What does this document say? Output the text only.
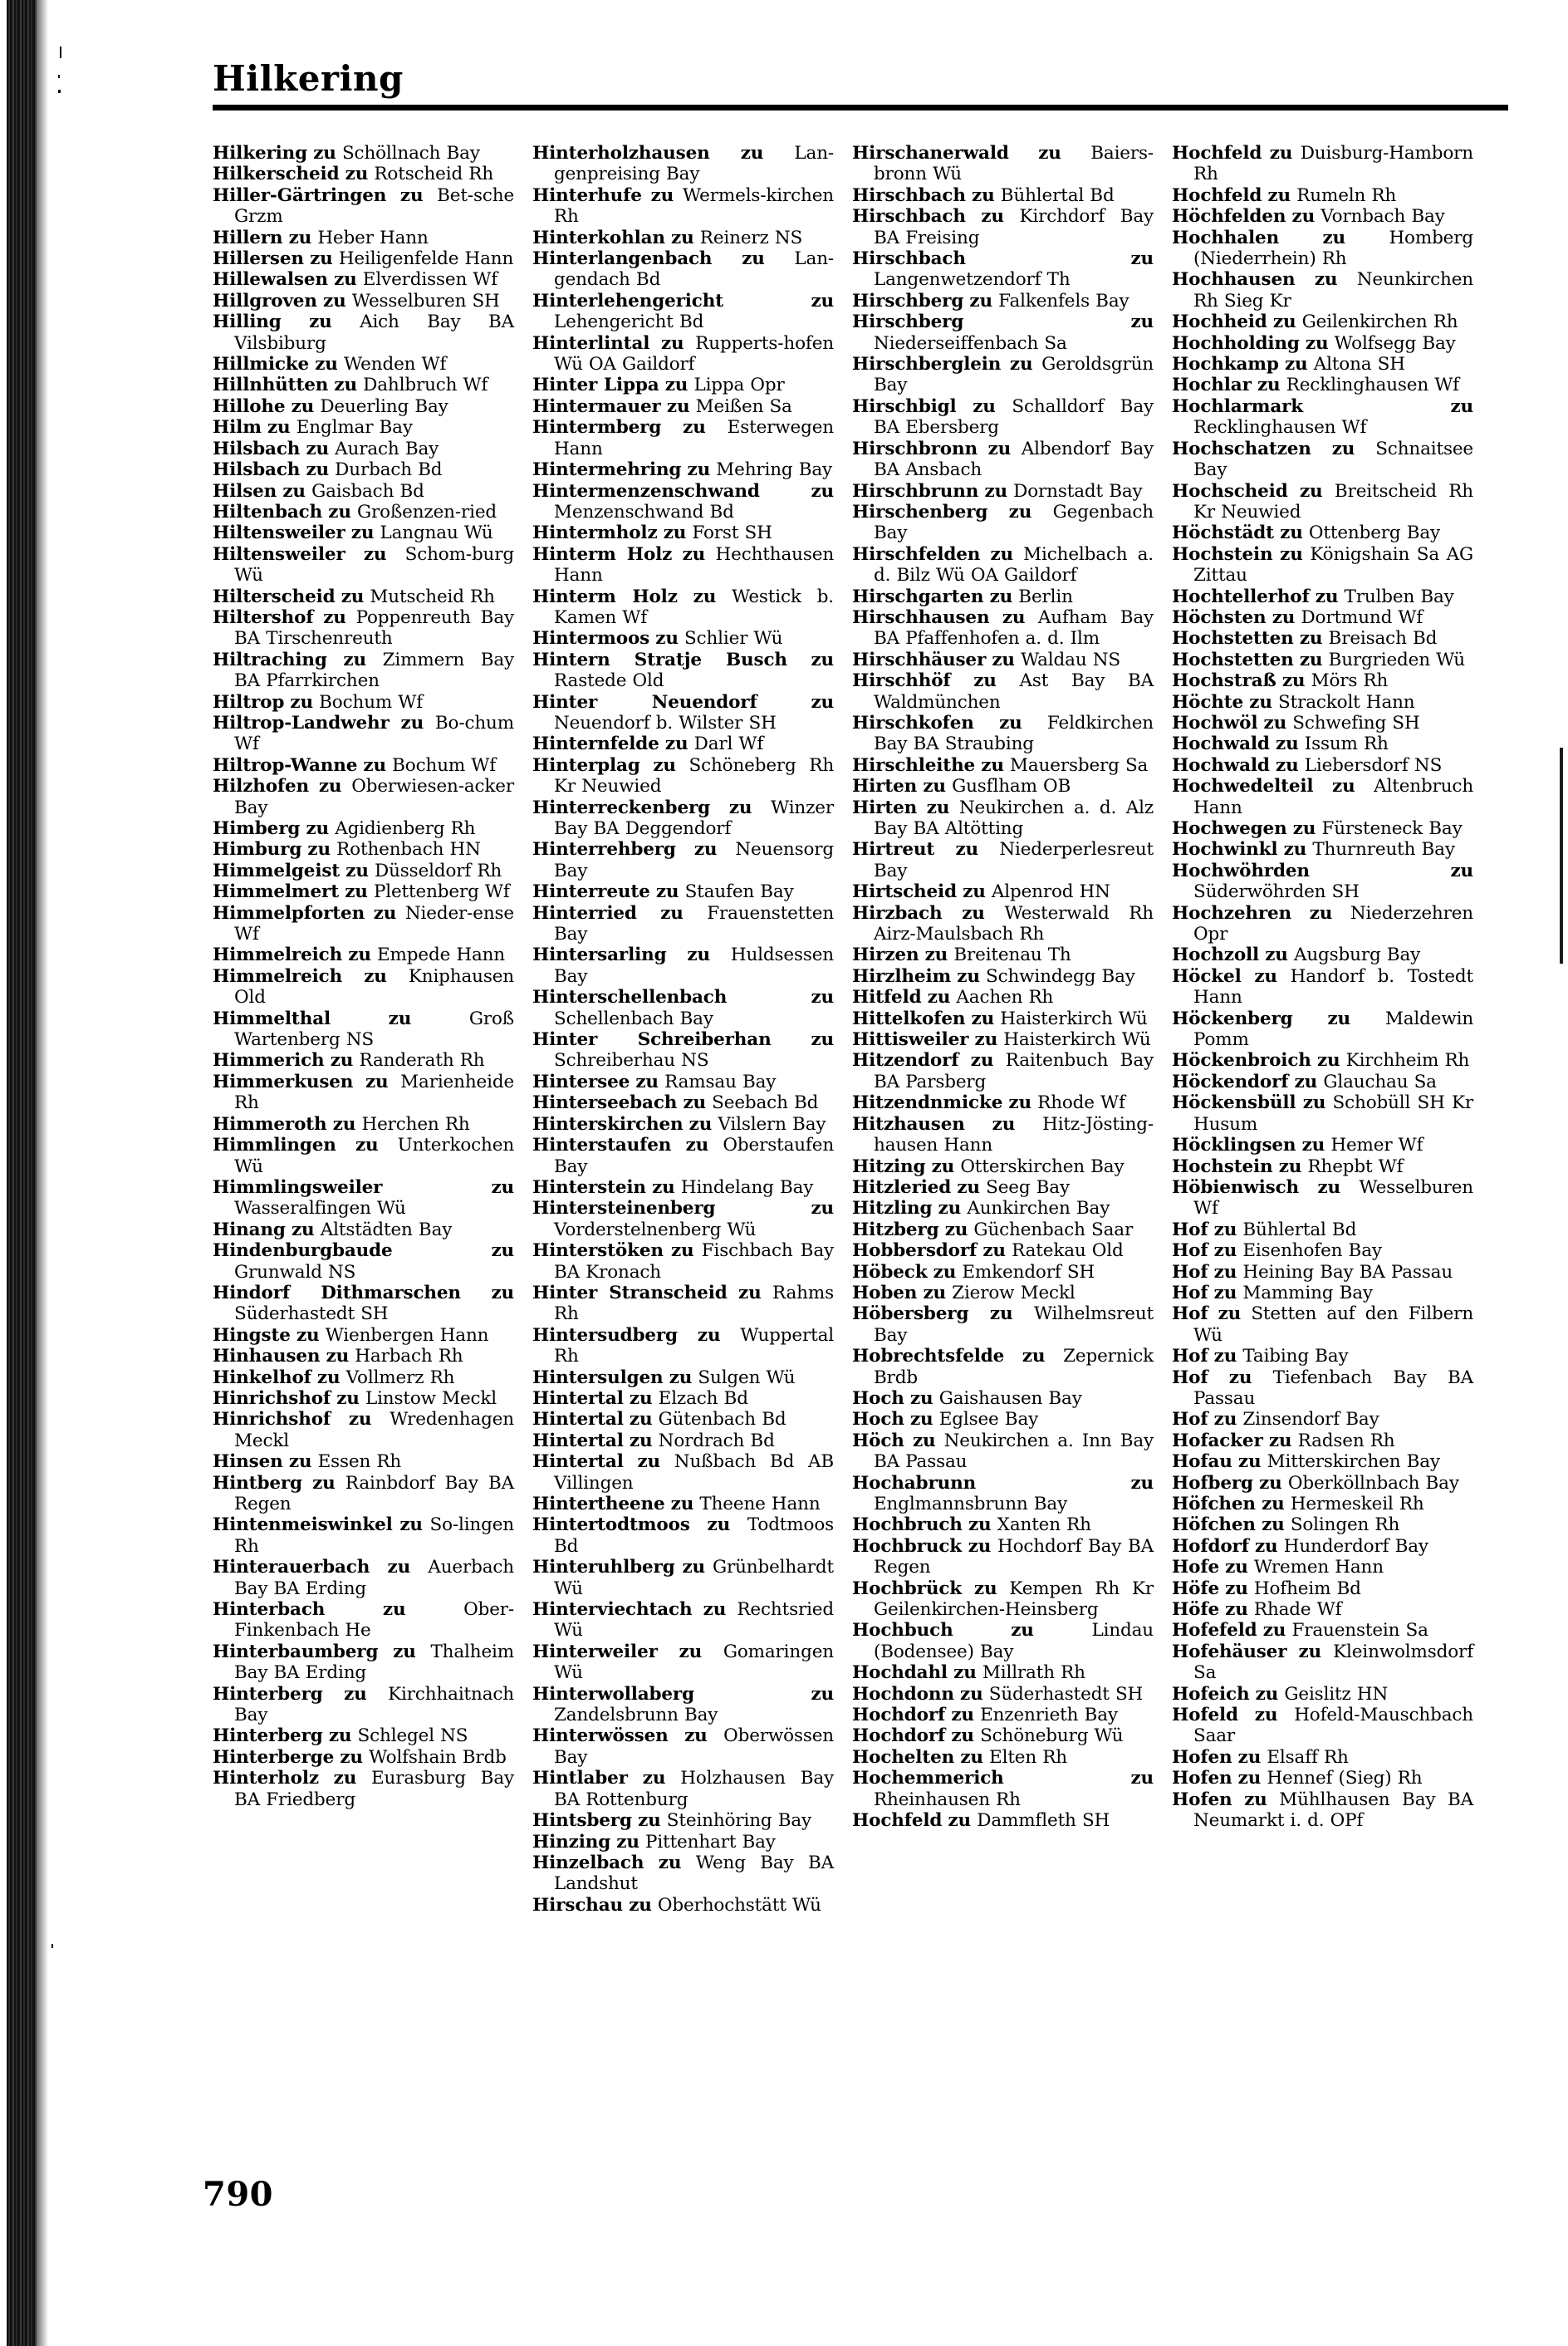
Hilkering

Hilkering zu Schöllnach Bay

Hilkerscheid zu Rotscheid Rh

Hiller-Gärtringen zu Bet-sche Grzm

Hillern zu Heber Hann

Hillersen zu Heiligenfelde Hann

Hillewalsen zu Elverdissen Wf

Hillgroven zu Wesselburen SH

Hilling zu Aich Bay BA Vilsbiburg

Hillmicke zu Wenden Wf

Hillnhütten zu Dahlbruch Wf

Hillohe zu Deuerling Bay

Hilm zu Englmar Bay

Hilsbach zu Aurach Bay

Hilsbach zu Durbach Bd

Hilsen zu Gaisbach Bd

Hiltenbach zu Großenzen-ried

Hiltensweiler zu Langnau Wü

Hiltensweiler zu Schom-burg Wü

Hilterscheid zu Mutscheid Rh

Hiltershof zu Poppenreuth Bay BA Tirschenreuth

Hiltraching zu Zimmern Bay BA Pfarrkirchen

Hiltrop zu Bochum Wf

Hiltrop-Landwehr zu Bo-chum Wf

Hiltrop-Wanne zu Bochum Wf

Hilzhofen zu Oberwiesen-acker Bay

Himberg zu Agidienberg Rh

Himburg zu Rothenbach HN

Himmelgeist zu Düsseldorf Rh

Himmelmert zu Plettenberg Wf

Himmelpforten zu Nieder-ense Wf

Himmelreich zu Empede Hann

Himmelreich zu Kniphausen Old

Himmelthal	zu	Groß Wartenberg NS

Himmerich zu Randerath Rh

Himmerkusen zu Marienheide Rh

Himmeroth zu Herchen Rh

Himmlingen zu Unterkochen Wü

Himmlingsweiler	zu Wasseralfingen Wü

Hinang zu Altstädten Bay

Hindenburgbaude	zu Grunwald NS

Hindorf Dithmarschen zu Süderhastedt SH

Hingste zu Wienbergen Hann

Hinhausen zu Harbach Rh

Hinkelhof zu Vollmerz Rh

Hinrichshof zu Linstow Meckl

Hinrichshof zu Wredenhagen Meckl

Hinsen zu Essen Rh

Hintberg zu Rainbdorf Bay BA Regen

Hintenmeiswinkel zu So-lingen Rh

Hinterauerbach zu Auerbach Bay BA Erding

Hinterbach	zu	Ober-Finkenbach He

Hinterbaumberg zu Thalheim Bay BA Erding

Hinterberg zu Kirchhaitnach Bay

Hinterberg zu Schlegel NS

Hinterberge zu Wolfshain Brdb

Hinterholz zu Eurasburg Bay BA Friedberg

Hinterholzhausen zu Lan-genpreising Bay

Hinterhufe zu Wermels-kirchen Rh

Hinterkohlan zu Reinerz NS

Hinterlangenbach zu Lan-gendach Bd

Hinterlehengericht	zu Lehengericht Bd

Hinterlintal zu Rupperts-hofen Wü OA Gaildorf

Hinter Lippa zu Lippa Opr

Hintermauer zu Meißen Sa

Hintermberg zu Esterwegen Hann

Hintermehring zu Mehring Bay

Hintermenzenschwand	zu Menzenschwand Bd

Hintermholz zu Forst SH

Hinterm Holz zu Hechthausen Hann

Hinterm Holz zu Westick b. Kamen Wf

Hintermoos zu Schlier Wü

Hintern Stratje Busch zu Rastede Old

Hinter Neuendorf	zu Neuendorf b. Wilster SH

Hinternfelde zu Darl Wf

Hinterplag zu Schöneberg Rh Kr Neuwied

Hinterreckenberg zu Winzer Bay BA Deggendorf

Hinterrehberg zu Neuensorg Bay

Hinterreute zu Staufen Bay

Hinterried zu Frauenstetten Bay

Hintersarling zu Huldsessen Bay

Hinterschellenbach	zu Schellenbach Bay

Hinter Schreiberhan zu Schreiberhau NS

Hintersee zu Ramsau Bay

Hinterseebach zu Seebach Bd

Hinterskirchen zu Vilslern Bay

Hinterstaufen zu Oberstaufen Bay

Hinterstein zu Hindelang Bay

Hintersteinenberg	zu Vorderstelnenberg Wü

Hinterstöken zu Fischbach Bay BA Kronach

Hinter Stranscheid zu Rahms Rh

Hintersudberg zu Wuppertal Rh

Hintersulgen zu Sulgen Wü

Hintertal zu Elzach Bd

Hintertal zu Gütenbach Bd

Hintertal zu Nordrach Bd

Hintertal zu Nußbach Bd AB Villingen

Hintertheene zu Theene Hann

Hintertodtmoos zu Todtmoos Bd

Hinteruhlberg zu Grünbelhardt Wü

Hinterviechtach zu Rechtsried Wü

Hinterweiler zu Gomaringen Wü

Hinterwollaberg	zu Zandelsbrunn Bay

Hinterwössen zu Oberwössen Bay

Hintlaber zu Holzhausen Bay BA Rottenburg

Hintsberg zu Steinhöring Bay

Hinzing zu Pittenhart Bay

Hinzelbach zu Weng Bay BA Landshut

Hirschau zu Oberhochstätt Wü

Hirschanerwald zu Baiers-bronn Wü

Hirschbach zu Bühlertal Bd

Hirschbach zu Kirchdorf Bay BA Freising

Hirschbach	zu Langenwetzendorf Th

Hirschberg zu Falkenfels Bay

Hirschberg	zu Niederseiffenbach Sa

Hirschberglein zu Geroldsgrün Bay

Hirschbigl zu Schalldorf Bay BA Ebersberg

Hirschbronn zu Albendorf Bay BA Ansbach

Hirschbrunn zu Dornstadt Bay

Hirschenberg zu Gegenbach Bay

Hirschfelden zu Michelbach a. d. Bilz Wü OA Gaildorf

Hirschgarten zu Berlin

Hirschhausen zu Aufham Bay BA Pfaffenhofen a. d. Ilm

Hirschhäuser zu Waldau NS

Hirschhöf zu Ast Bay BA Waldmünchen

Hirschkofen zu Feldkirchen Bay BA Straubing

Hirschleithe zu Mauersberg Sa

Hirten zu Gusflham OB

Hirten zu Neukirchen a. d. Alz Bay BA Altötting

Hirtreut zu Niederperlesreut Bay

Hirtscheid zu Alpenrod HN

Hirzbach zu Westerwald Rh Airz-Maulsbach Rh

Hirzen zu Breitenau Th

Hirzlheim zu Schwindegg Bay

Hitfeld zu Aachen Rh

Hittelkofen zu Haisterkirch Wü

Hittisweiler zu Haisterkirch Wü

Hitzendorf zu Raitenbuch Bay BA Parsberg

Hitzendnmicke zu Rhode Wf

Hitzhausen zu Hitz-Jösting-hausen Hann

Hitzing zu Otterskirchen Bay

Hitzleried zu Seeg Bay

Hitzling zu Aunkirchen Bay

Hitzberg zu Güchenbach Saar

Hobbersdorf zu Ratekau Old

Höbeck zu Emkendorf SH

Hoben zu Zierow Meckl

Höbersberg zu Wilhelmsreut Bay

Hobrechtsfelde zu Zepernick Brdb

Hoch zu Gaishausen Bay

Hoch zu Eglsee Bay

Höch zu Neukirchen a. Inn Bay BA Passau

Hochabrunn	zu Englmannsbrunn Bay

Hochbruch zu Xanten Rh

Hochbruck zu Hochdorf Bay BA Regen

Hochbrück zu Kempen Rh Kr Geilenkirchen-Heinsberg

Hochbuch	zu	Lindau (Bodensee) Bay

Hochdahl zu Millrath Rh

Hochdonn zu Süderhastedt SH

Hochdorf zu Enzenrieth Bay

Hochdorf zu Schöneburg Wü

Hochelten zu Elten Rh

Hochemmerich	zu Rheinhausen Rh

Hochfeld zu Dammfleth SH

Hochfeld zu Duisburg-Hamborn Rh

Hochfeld zu Rumeln Rh

Höchfelden zu Vornbach Bay

Hochhalen zu Homberg (Niederrhein) Rh

Hochhausen zu Neunkirchen Rh Sieg Kr

Hochheid zu Geilenkirchen Rh

Hochholding zu Wolfsegg Bay

Hochkamp zu Altona SH

Hochlar zu Recklinghausen Wf

Hochlarmark	zu Recklinghausen Wf

Hochschatzen zu Schnaitsee Bay

Hochscheid zu Breitscheid Rh Kr Neuwied

Höchstädt zu Ottenberg Bay

Hochstein zu Königshain Sa AG Zittau

Hochtellerhof zu Trulben Bay

Höchsten zu Dortmund Wf

Hochstetten zu Breisach Bd

Hochstetten zu Burgrieden Wü

Hochstraß zu Mörs Rh

Höchte zu Strackolt Hann

Hochwöl zu Schwefing SH

Hochwald zu Issum Rh

Hochwald zu Liebersdorf NS

Hochwedelteil zu Altenbruch Hann

Hochwegen zu Fürsteneck Bay

Hochwinkl zu Thurnreuth Bay

Hochwöhrden	zu Süderwöhrden SH

Hochzehren zu Niederzehren Opr

Hochzoll zu Augsburg Bay

Höckel zu Handorf b. Tostedt Hann

Höckenberg zu Maldewin Pomm

Höckenbroich zu Kirchheim Rh

Höckendorf zu Glauchau Sa

Höckensbüll zu Schobüll SH Kr Husum

Höcklingsen zu Hemer Wf

Hochstein zu Rhepbt Wf

Höbienwisch zu Wesselburen Wf

Hof zu Bühlertal Bd

Hof zu Eisenhofen Bay

Hof zu Heining Bay BA Passau

Hof zu Mamming Bay

Hof zu Stetten auf den Filbern Wü

Hof zu Taibing Bay

Hof zu Tiefenbach Bay BA Passau

Hof zu Zinsendorf Bay

Hofacker zu Radsen Rh

Hofau zu Mitterskirchen Bay

Hofberg zu Oberköllnbach Bay

Höfchen zu Hermeskeil Rh

Höfchen zu Solingen Rh

Hofdorf zu Hunderdorf Bay

Hofe zu Wremen Hann

Höfe zu Hofheim Bd

Höfe zu Rhade Wf

Hofefeld zu Frauenstein Sa

Hofehäuser zu Kleinwolmsdorf Sa

Hofeich zu Geislitz HN

Hofeld zu Hofeld-Mauschbach Saar

Hofen zu Elsaff Rh

Hofen zu Hennef (Sieg) Rh

Hofen zu Mühlhausen Bay BA Neumarkt i. d. OPf

790
